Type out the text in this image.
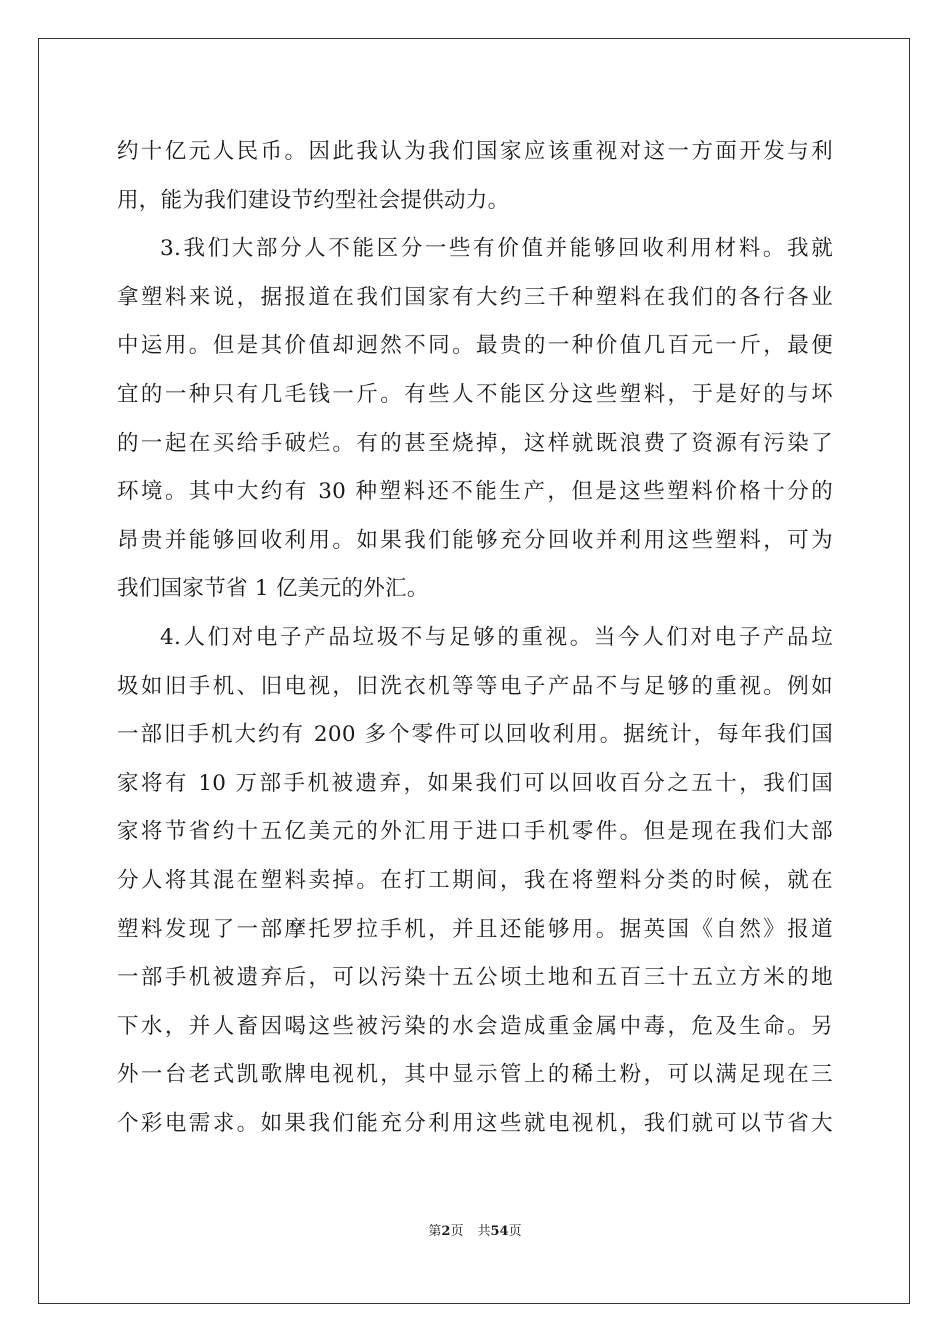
约十亿元人民币。因此我认为我们国家应该重视对这一方面开发与利
用，能为我们建设节约型社会提供动力。
3.我们大部分人不能区分一些有价值并能够回收利用材料。我就
拿塑料来说，据报道在我们国家有大约三千种塑料在我们的各行各业
中运用。但是其价值却迥然不同。最贵的一种价值几百元一斤，最便
宜的一种只有几毛钱一斤。有些人不能区分这些塑料，于是好的与坏
的一起在买给手破烂。有的甚至烧掉，这样就既浪费了资源有污染了
环境。其中大约有 30 种塑料还不能生产，但是这些塑料价格十分的
昂贵并能够回收利用。如果我们能够充分回收并利用这些塑料，可为
我们国家节省 1 亿美元的外汇。
4.人们对电子产品垃圾不与足够的重视。当今人们对电子产品垃
圾如旧手机、旧电视，旧洗衣机等等电子产品不与足够的重视。例如
一部旧手机大约有 200 多个零件可以回收利用。据统计，每年我们国
家将有 10 万部手机被遗弃，如果我们可以回收百分之五十，我们国
家将节省约十五亿美元的外汇用于进口手机零件。但是现在我们大部
分人将其混在塑料卖掉。在打工期间，我在将塑料分类的时候，就在
塑料发现了一部摩托罗拉手机，并且还能够用。据英国《自然》报道
一部手机被遗弃后，可以污染十五公顷土地和五百三十五立方米的地
下水，并人畜因喝这些被污染的水会造成重金属中毒，危及生命。另
外一台老式凯歌牌电视机，其中显示管上的稀土粉，可以满足现在三
个彩电需求。如果我们能充分利用这些就电视机，我们就可以节省大
第2页 共54页
